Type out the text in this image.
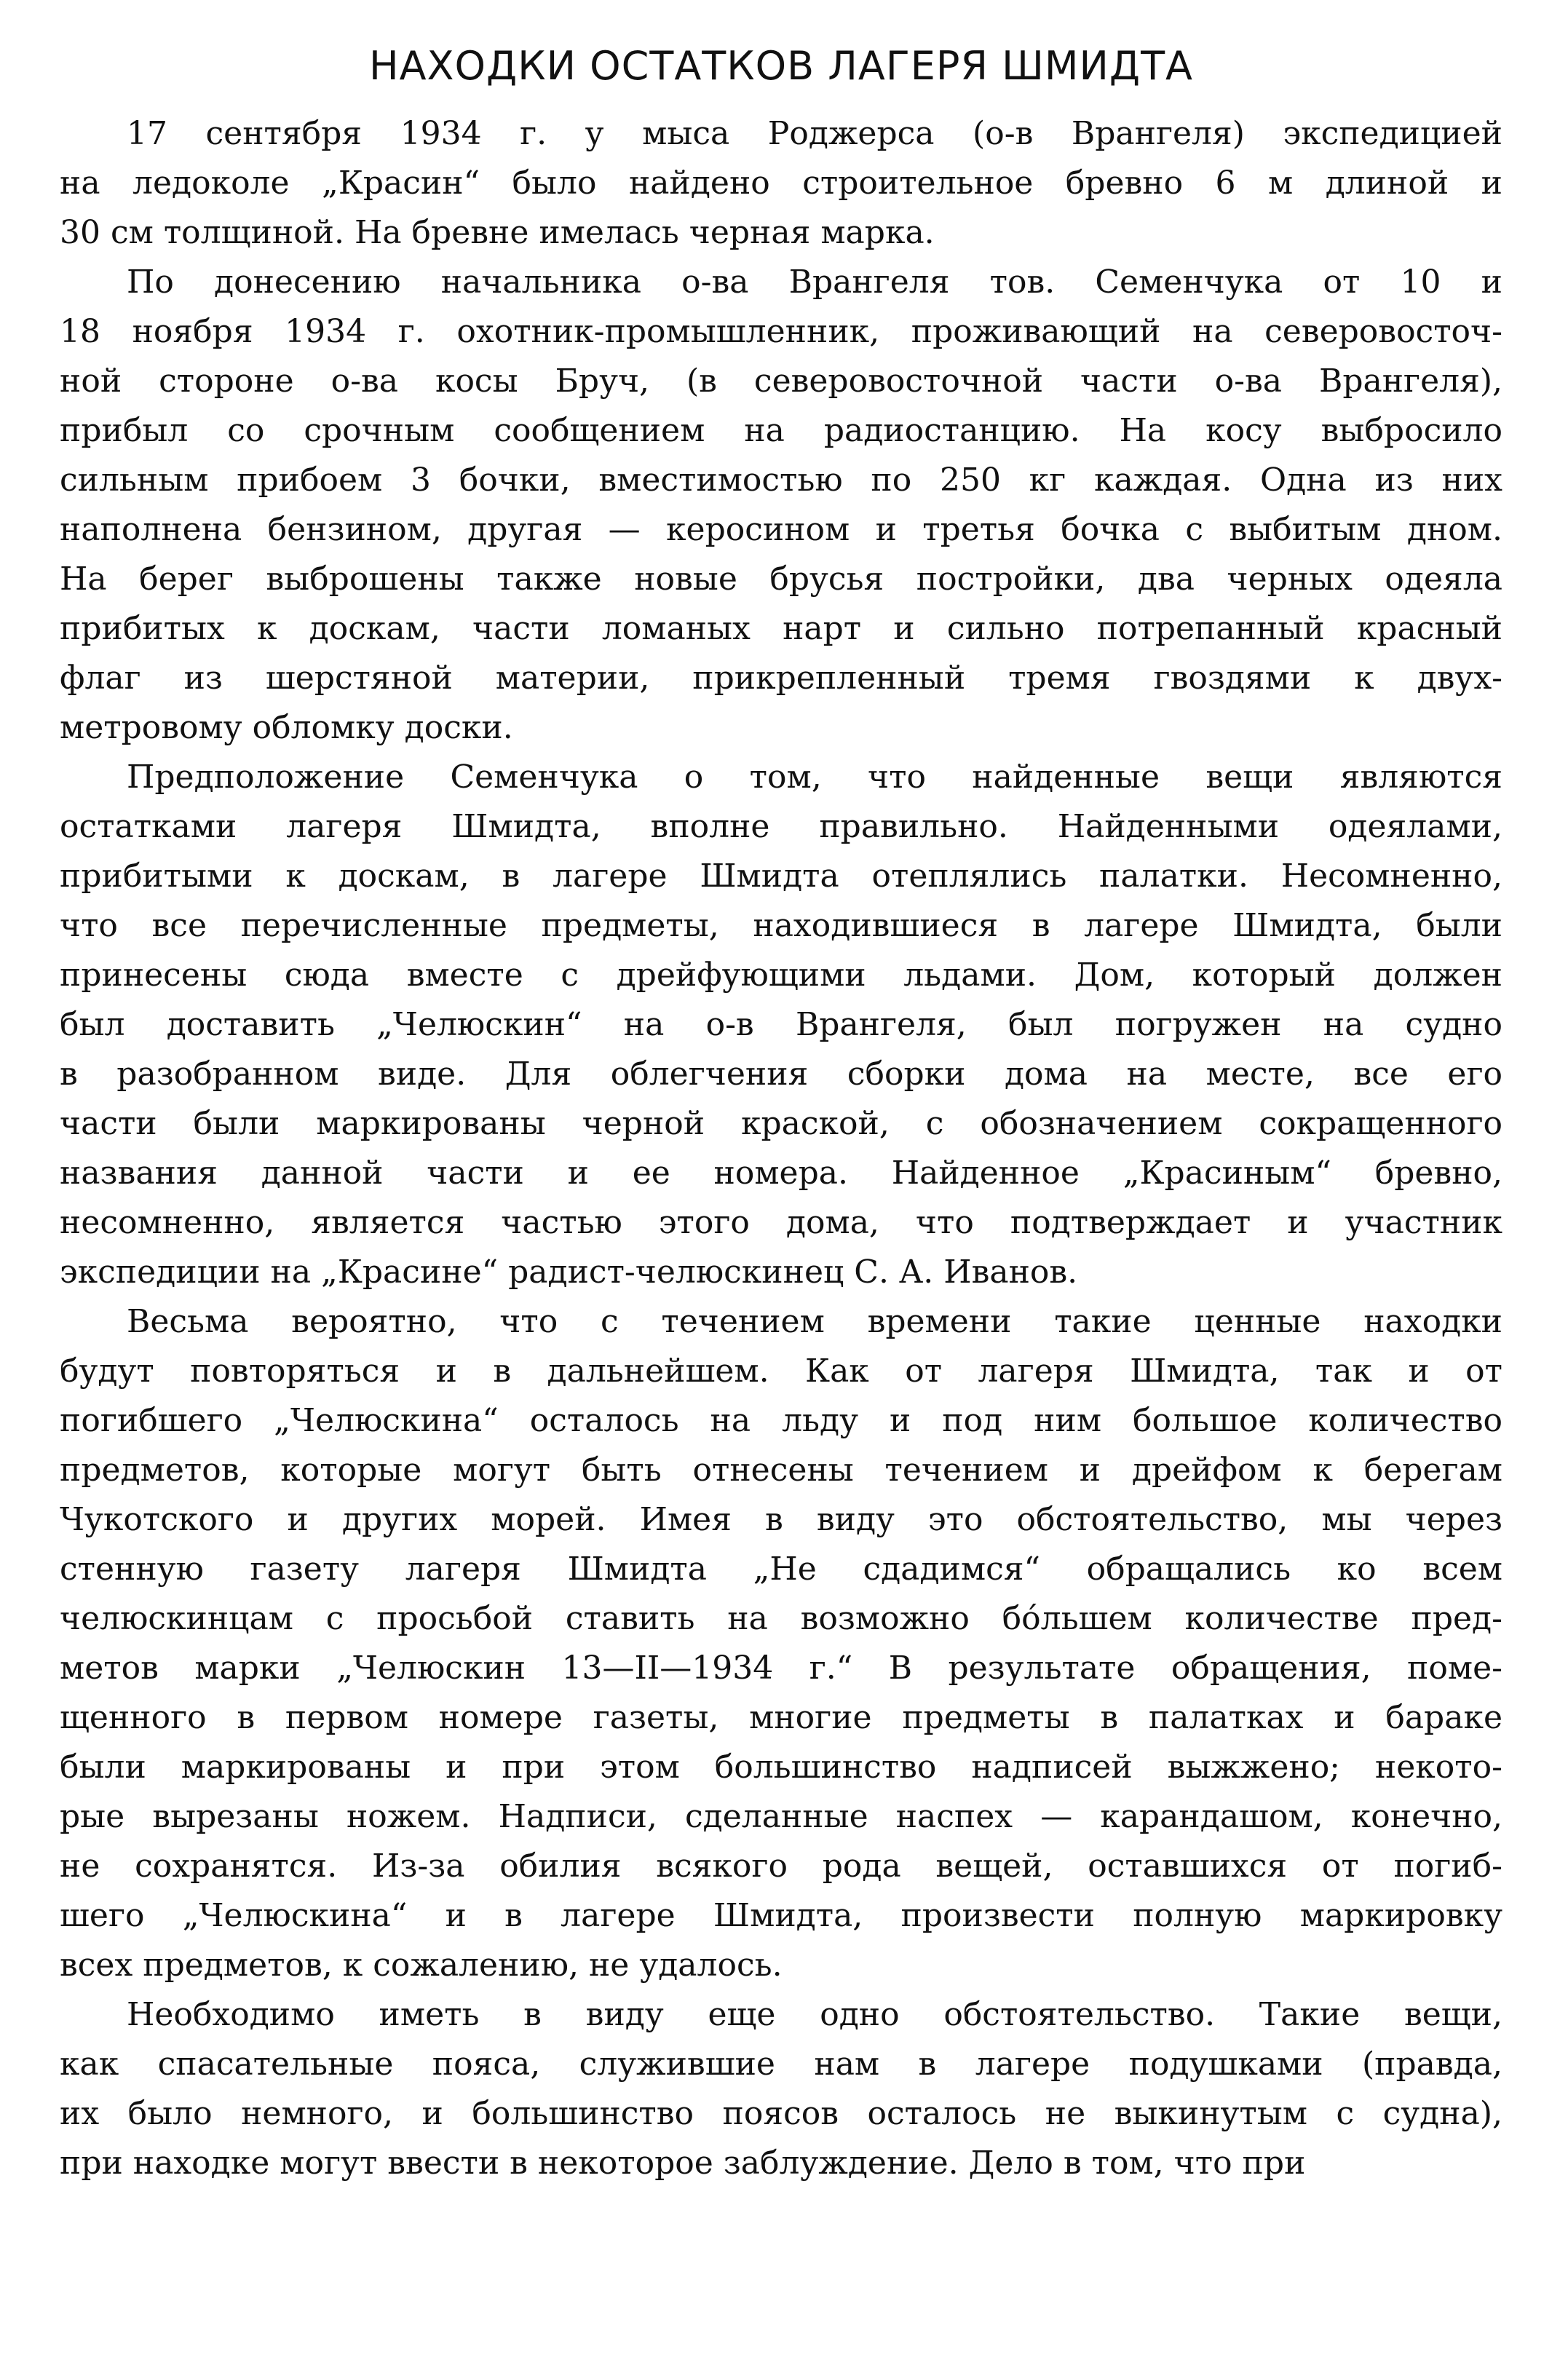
НАХОДКИ ОСТАТКОВ ЛАГЕРЯ ШМИДТА
17 сентября 1934 г. у мыса Роджерса (о-в Врангеля) экспедицией
на ледоколе „Красин“ было найдено строительное бревно 6 м длиной и
30 см толщиной. На бревне имелась черная марка.
По донесению начальника о-ва Врангеля тов. Семенчука от 10 и
18 ноября 1934 г. охотник-промышленник, проживающий на северовосточ-
ной стороне о-ва косы Бруч, (в северовосточной части о-ва Врангеля),
прибыл со срочным сообщением на радиостанцию. На косу выбросило
сильным прибоем 3 бочки, вместимостью по 250 кг каждая. Одна из них
наполнена бензином, другая — керосином и третья бочка с выбитым дном.
На берег выброшены также новые брусья постройки, два черных одеяла
прибитых к доскам, части ломаных нарт и сильно потрепанный красный
флаг из шерстяной материи, прикрепленный тремя гвоздями к двух-
метровому обломку доски.
Предположение Семенчука о том, что найденные вещи являются
остатками лагеря Шмидта, вполне правильно. Найденными одеялами,
прибитыми к доскам, в лагере Шмидта отеплялись палатки. Несомненно,
что все перечисленные предметы, находившиеся в лагере Шмидта, были
принесены сюда вместе с дрейфующими льдами. Дом, который должен
был доставить „Челюскин“ на о-в Врангеля, был погружен на судно
в разобранном виде. Для облегчения сборки дома на месте, все его
части были маркированы черной краской, с обозначением сокращенного
названия данной части и ее номера. Найденное „Красиным“ бревно,
несомненно, является частью этого дома, что подтверждает и участник
экспедиции на „Красине“ радист-челюскинец С. А. Иванов.
Весьма вероятно, что с течением времени такие ценные находки
будут повторяться и в дальнейшем. Как от лагеря Шмидта, так и от
погибшего „Челюскина“ осталось на льду и под ним большое количество
предметов, которые могут быть отнесены течением и дрейфом к берегам
Чукотского и других морей. Имея в виду это обстоятельство, мы через
стенную газету лагеря Шмидта „Не сдадимся“ обращались ко всем
челюскинцам с просьбой ставить на возможно бо́льшем количестве пред-
метов марки „Челюскин 13—II—1934 г.“ В результате обращения, поме-
щенного в первом номере газеты, многие предметы в палатках и бараке
были маркированы и при этом большинство надписей выжжено; некото-
рые вырезаны ножем. Надписи, сделанные наспех — карандашом, конечно,
не сохранятся. Из-за обилия всякого рода вещей, оставшихся от погиб-
шего „Челюскина“ и в лагере Шмидта, произвести полную маркировку
всех предметов, к сожалению, не удалось.
Необходимо иметь в виду еще одно обстоятельство. Такие вещи,
как спасательные пояса, служившие нам в лагере подушками (правда,
их было немного, и большинство поясов осталось не выкинутым с судна),
при находке могут ввести в некоторое заблуждение. Дело в том, что при
